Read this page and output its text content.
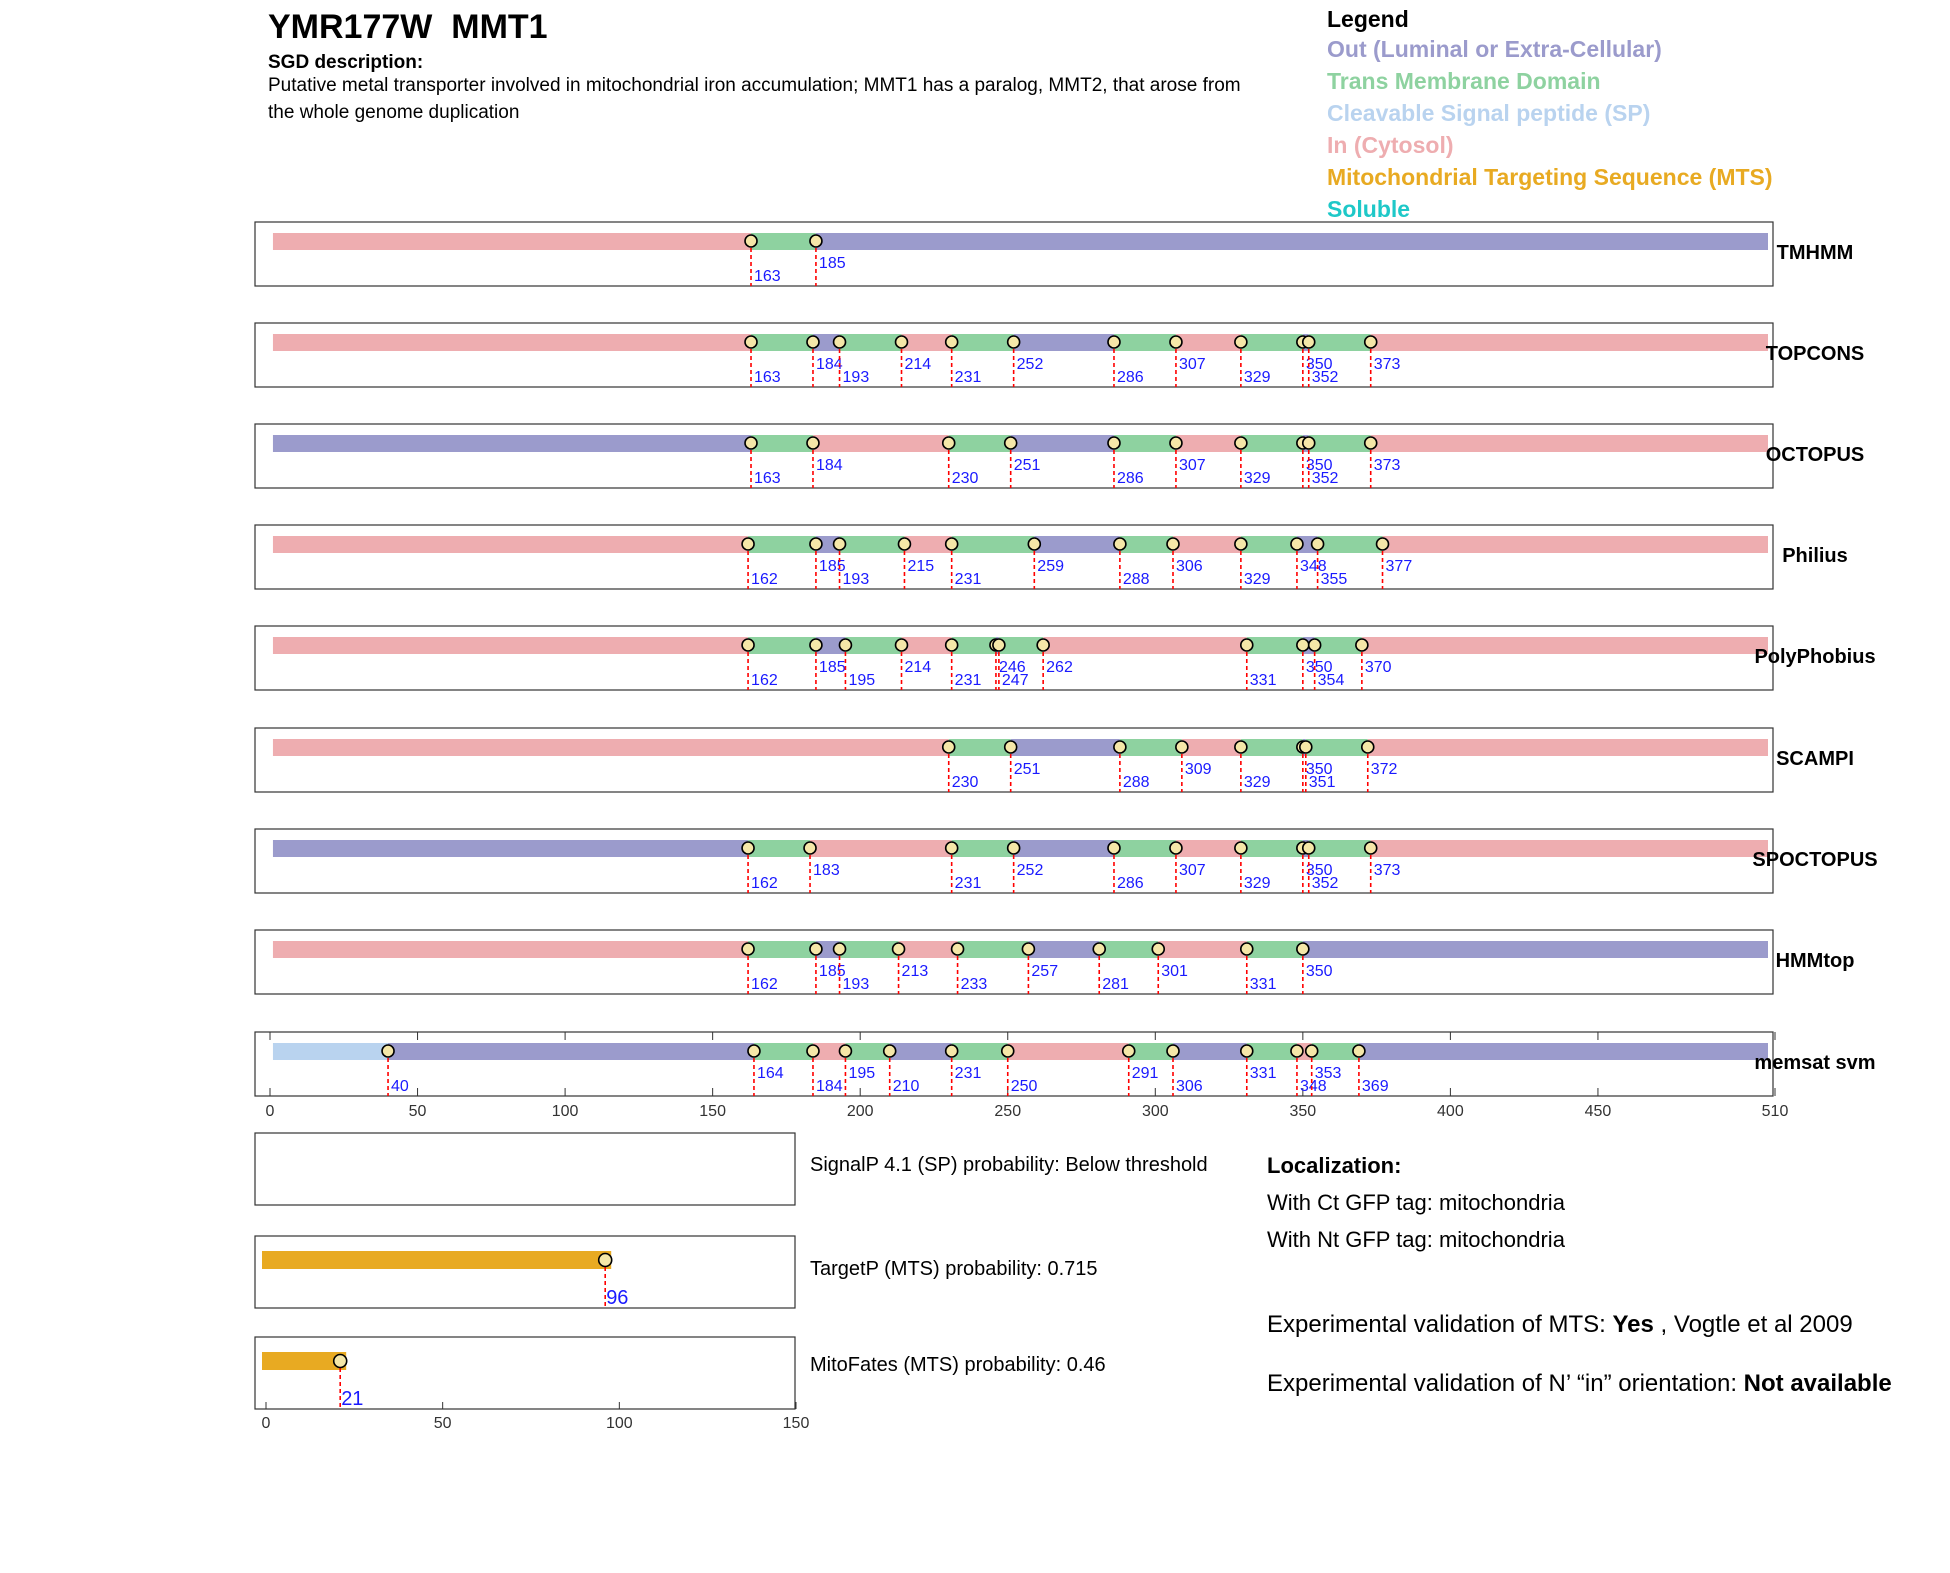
YMR177W  MMT1
SGD description:
Putative metal transporter involved in mitochondrial iron accumulation; MMT1 has a paralog, MMT2, that arose from the whole genome duplication
Legend
Out (Luminal or Extra-Cellular)
Trans Membrane Domain
Cleavable Signal peptide (SP)
In (Cytosol)
Mitochondrial Targeting Sequence (MTS)
Soluble
163
185	TMHMM
163
184
193
214
231
252
286
307
329
350
352
373	TOPCONS
163
184
230
251
286
307
329
350
352
373	OCTOPUS
162
185
193
215
231
259
288
306
329
348
355
377	Philius
162
185
195
214
231
246
247
262
331
350
354
370	PolyPhobius
230
251
288
309
329
350
351
372	SCAMPI
162
183
231
252
286
307
329
350
352
373	SPOCTOPUS
162
185
193
213
233
257
281
301
331
350	HMMtop
0	50	100	150	200	250	300	350	400	450	510
40
164
184
195
210
231
250
291
306
331
348
353
369
memsat svm
96
21
0	50	100	150
SignalP 4.1 (SP) probability: Below threshold
TargetP (MTS) probability: 0.715
MitoFates (MTS) probability: 0.46
Localization:
With Ct GFP tag: mitochondria
With Nt GFP tag: mitochondria
Experimental validation of MTS: Yes , Vogtle et al 2009
Experimental validation of N’ “in” orientation: Not available
